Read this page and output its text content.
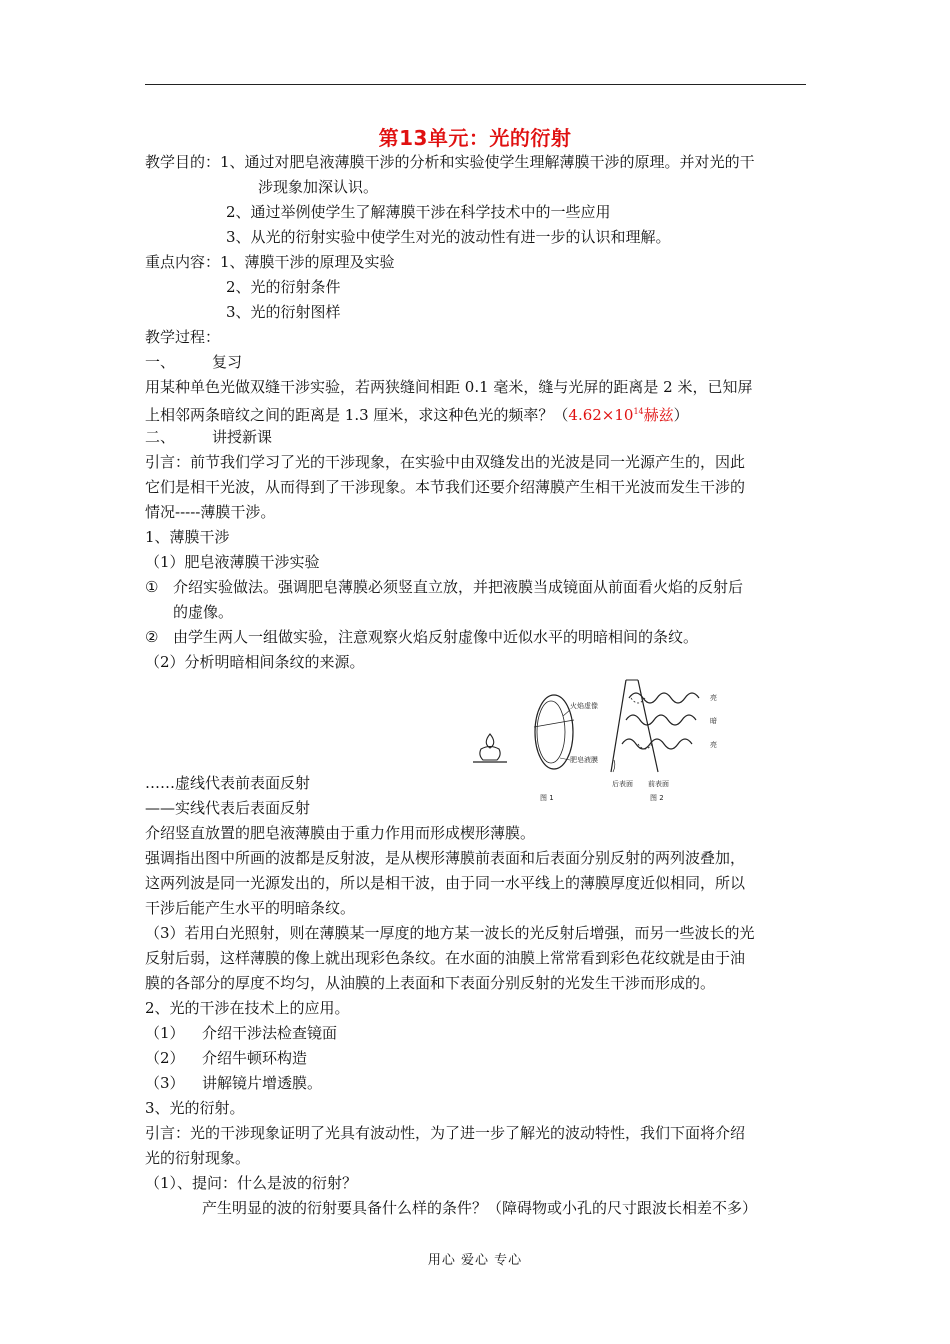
第13单元：光的衍射
教学目的：1、通过对肥皂液薄膜干涉的分析和实验使学生理解薄膜干涉的原理。并对光的干
涉现象加深认识。
2、通过举例使学生了解薄膜干涉在科学技术中的一些应用
3、从光的衍射实验中使学生对光的波动性有进一步的认识和理解。
重点内容：1、薄膜干涉的原理及实验
2、光的衍射条件
3、光的衍射图样
教学过程：
一、 复习
用某种单色光做双缝干涉实验，若两狭缝间相距 0.1 毫米，缝与光屏的距离是 2 米，已知屏
上相邻两条暗纹之间的距离是 1.3 厘米，求这种色光的频率？（$4.62\times 10^{14}$赫兹）
二、 讲授新课
引言：前节我们学习了光的干涉现象，在实验中由双缝发出的光波是同一光源产生的，因此
它们是相干光波，从而得到了干涉现象。本节我们还要介绍薄膜产生相干光波而发生干涉的
情况-----薄膜干涉。
1、薄膜干涉
（1）肥皂液薄膜干涉实验
① 介绍实验做法。强调肥皂薄膜必须竖直立放，并把液膜当成镜面从前面看火焰的反射后
的虚像。
② 由学生两人一组做实验，注意观察火焰反射虚像中近似水平的明暗相间的条纹。
（2）分析明暗相间条纹的来源。
火焰虚像
肥皂液膜
图 1
亮
暗
亮
后表面 前表面
图 2
……虚线代表前表面反射
——实线代表后表面反射
介绍竖直放置的肥皂液薄膜由于重力作用而形成楔形薄膜。
强调指出图中所画的波都是反射波，是从楔形薄膜前表面和后表面分别反射的两列波叠加，
这两列波是同一光源发出的，所以是相干波，由于同一水平线上的薄膜厚度近似相同，所以
干涉后能产生水平的明暗条纹。
（3）若用白光照射，则在薄膜某一厚度的地方某一波长的光反射后增强，而另一些波长的光
反射后弱，这样薄膜的像上就出现彩色条纹。在水面的油膜上常常看到彩色花纹就是由于油
膜的各部分的厚度不均匀，从油膜的上表面和下表面分别反射的光发生干涉而形成的。
2、光的干涉在技术上的应用。
（1） 介绍干涉法检查镜面
（2） 介绍牛顿环构造
（3） 讲解镜片增透膜。
3、光的衍射。
引言：光的干涉现象证明了光具有波动性，为了进一步了解光的波动特性，我们下面将介绍
光的衍射现象。
（1）、提问：什么是波的衍射？
产生明显的波的衍射要具备什么样的条件？（障碍物或小孔的尺寸跟波长相差不多）
用心 爱心 专心
